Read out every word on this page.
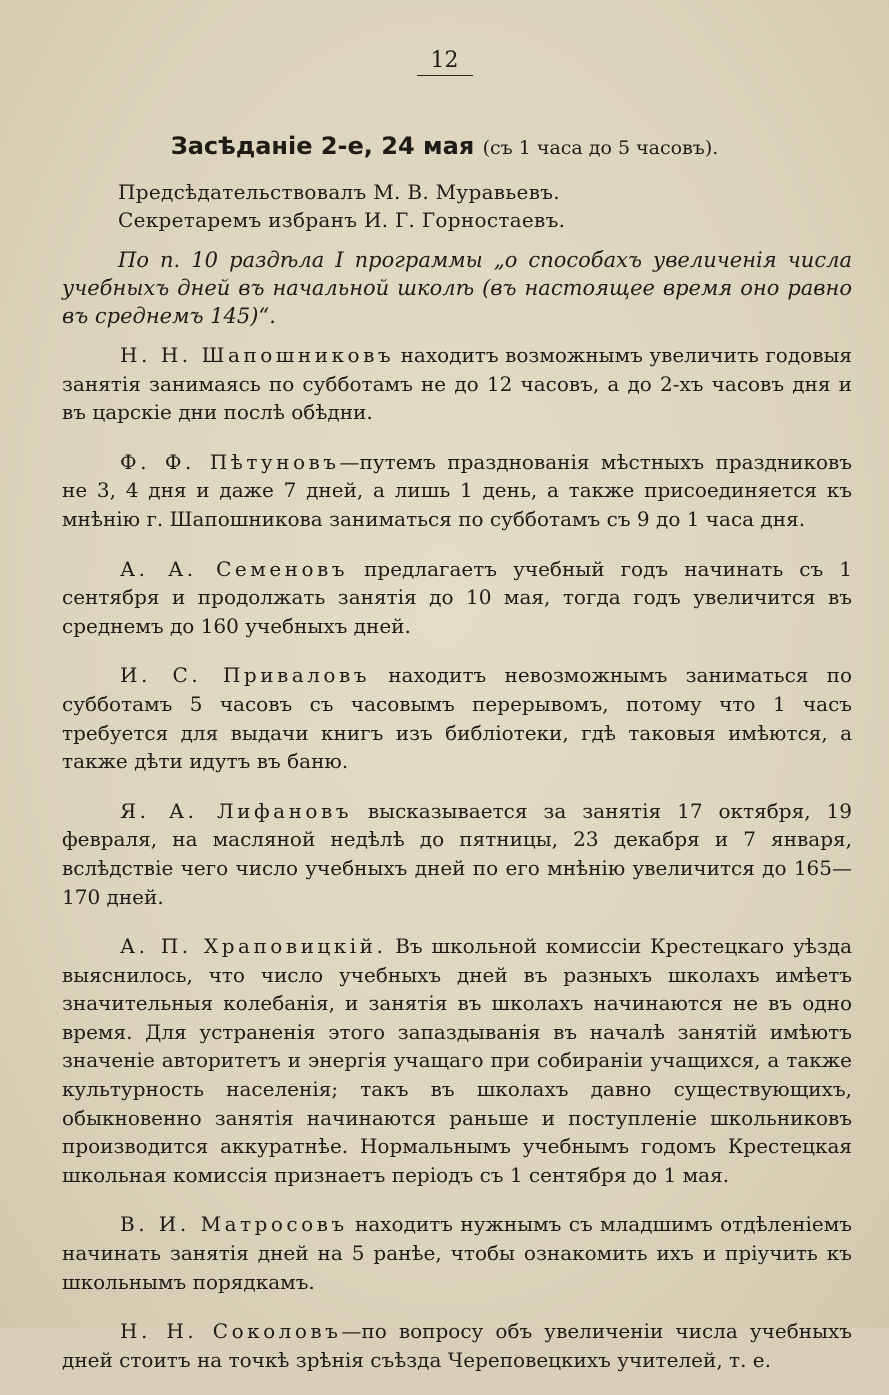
12
Засѣданіе 2-е, 24 мая (съ 1 часа до 5 часовъ).
Предсѣдательствовалъ М. В. Муравьевъ.
Секретаремъ избранъ И. Г. Горностаевъ.
По п. 10 раздѣла I программы „о способахъ увеличенія числа учебныхъ дней въ начальной школѣ (въ настоящее время оно равно въ среднемъ 145)“.

Н. Н. Шапошниковъ находитъ возможнымъ увеличить годовыя занятія занимаясь по субботамъ не до 12 часовъ, а до 2-хъ часовъ дня и въ царскіе дни послѣ обѣдни.

Ф. Ф. Пѣтуновъ—путемъ празднованія мѣстныхъ праздниковъ не 3, 4 дня и даже 7 дней, а лишь 1 день, а также присоединяется къ мнѣнію г. Шапошникова заниматься по субботамъ съ 9 до 1 часа дня.

А. А. Семеновъ предлагаетъ учебный годъ начинать съ 1 сентября и продолжать занятія до 10 мая, тогда годъ увеличится въ среднемъ до 160 учебныхъ дней.

И. С. Приваловъ находитъ невозможнымъ заниматься по субботамъ 5 часовъ съ часовымъ перерывомъ, потому что 1 часъ требуется для выдачи книгъ изъ библіотеки, гдѣ таковыя имѣются, а также дѣти идутъ въ баню.

Я. А. Лифановъ высказывается за занятія 17 октября, 19 февраля, на масляной недѣлѣ до пятницы, 23 декабря и 7 января, вслѣдствіе чего число учебныхъ дней по его мнѣнію увеличится до 165—170 дней.

А. П. Храповицкій. Въ школьной комиссіи Крестецкаго уѣзда выяснилось, что число учебныхъ дней въ разныхъ школахъ имѣетъ значительныя колебанія, и занятія въ школахъ начинаются не въ одно время. Для устраненія этого запаздыванія въ началѣ занятій имѣютъ значеніе авторитетъ и энергія учащаго при собираніи учащихся, а также культурность населенія; такъ въ школахъ давно существующихъ, обыкновенно занятія начинаются раньше и поступленіе школьниковъ производится аккуратнѣе. Нормальнымъ учебнымъ годомъ Крестецкая школьная комиссія признаетъ періодъ съ 1 сентября до 1 мая.

В. И. Матросовъ находитъ нужнымъ съ младшимъ отдѣленіемъ начинать занятія дней на 5 ранѣе, чтобы ознакомить ихъ и пріучить къ школьнымъ порядкамъ.

Н. Н. Соколовъ—по вопросу объ увеличеніи числа учебныхъ дней стоитъ на точкѣ зрѣнія съѣзда Череповецкихъ учителей, т. е.
